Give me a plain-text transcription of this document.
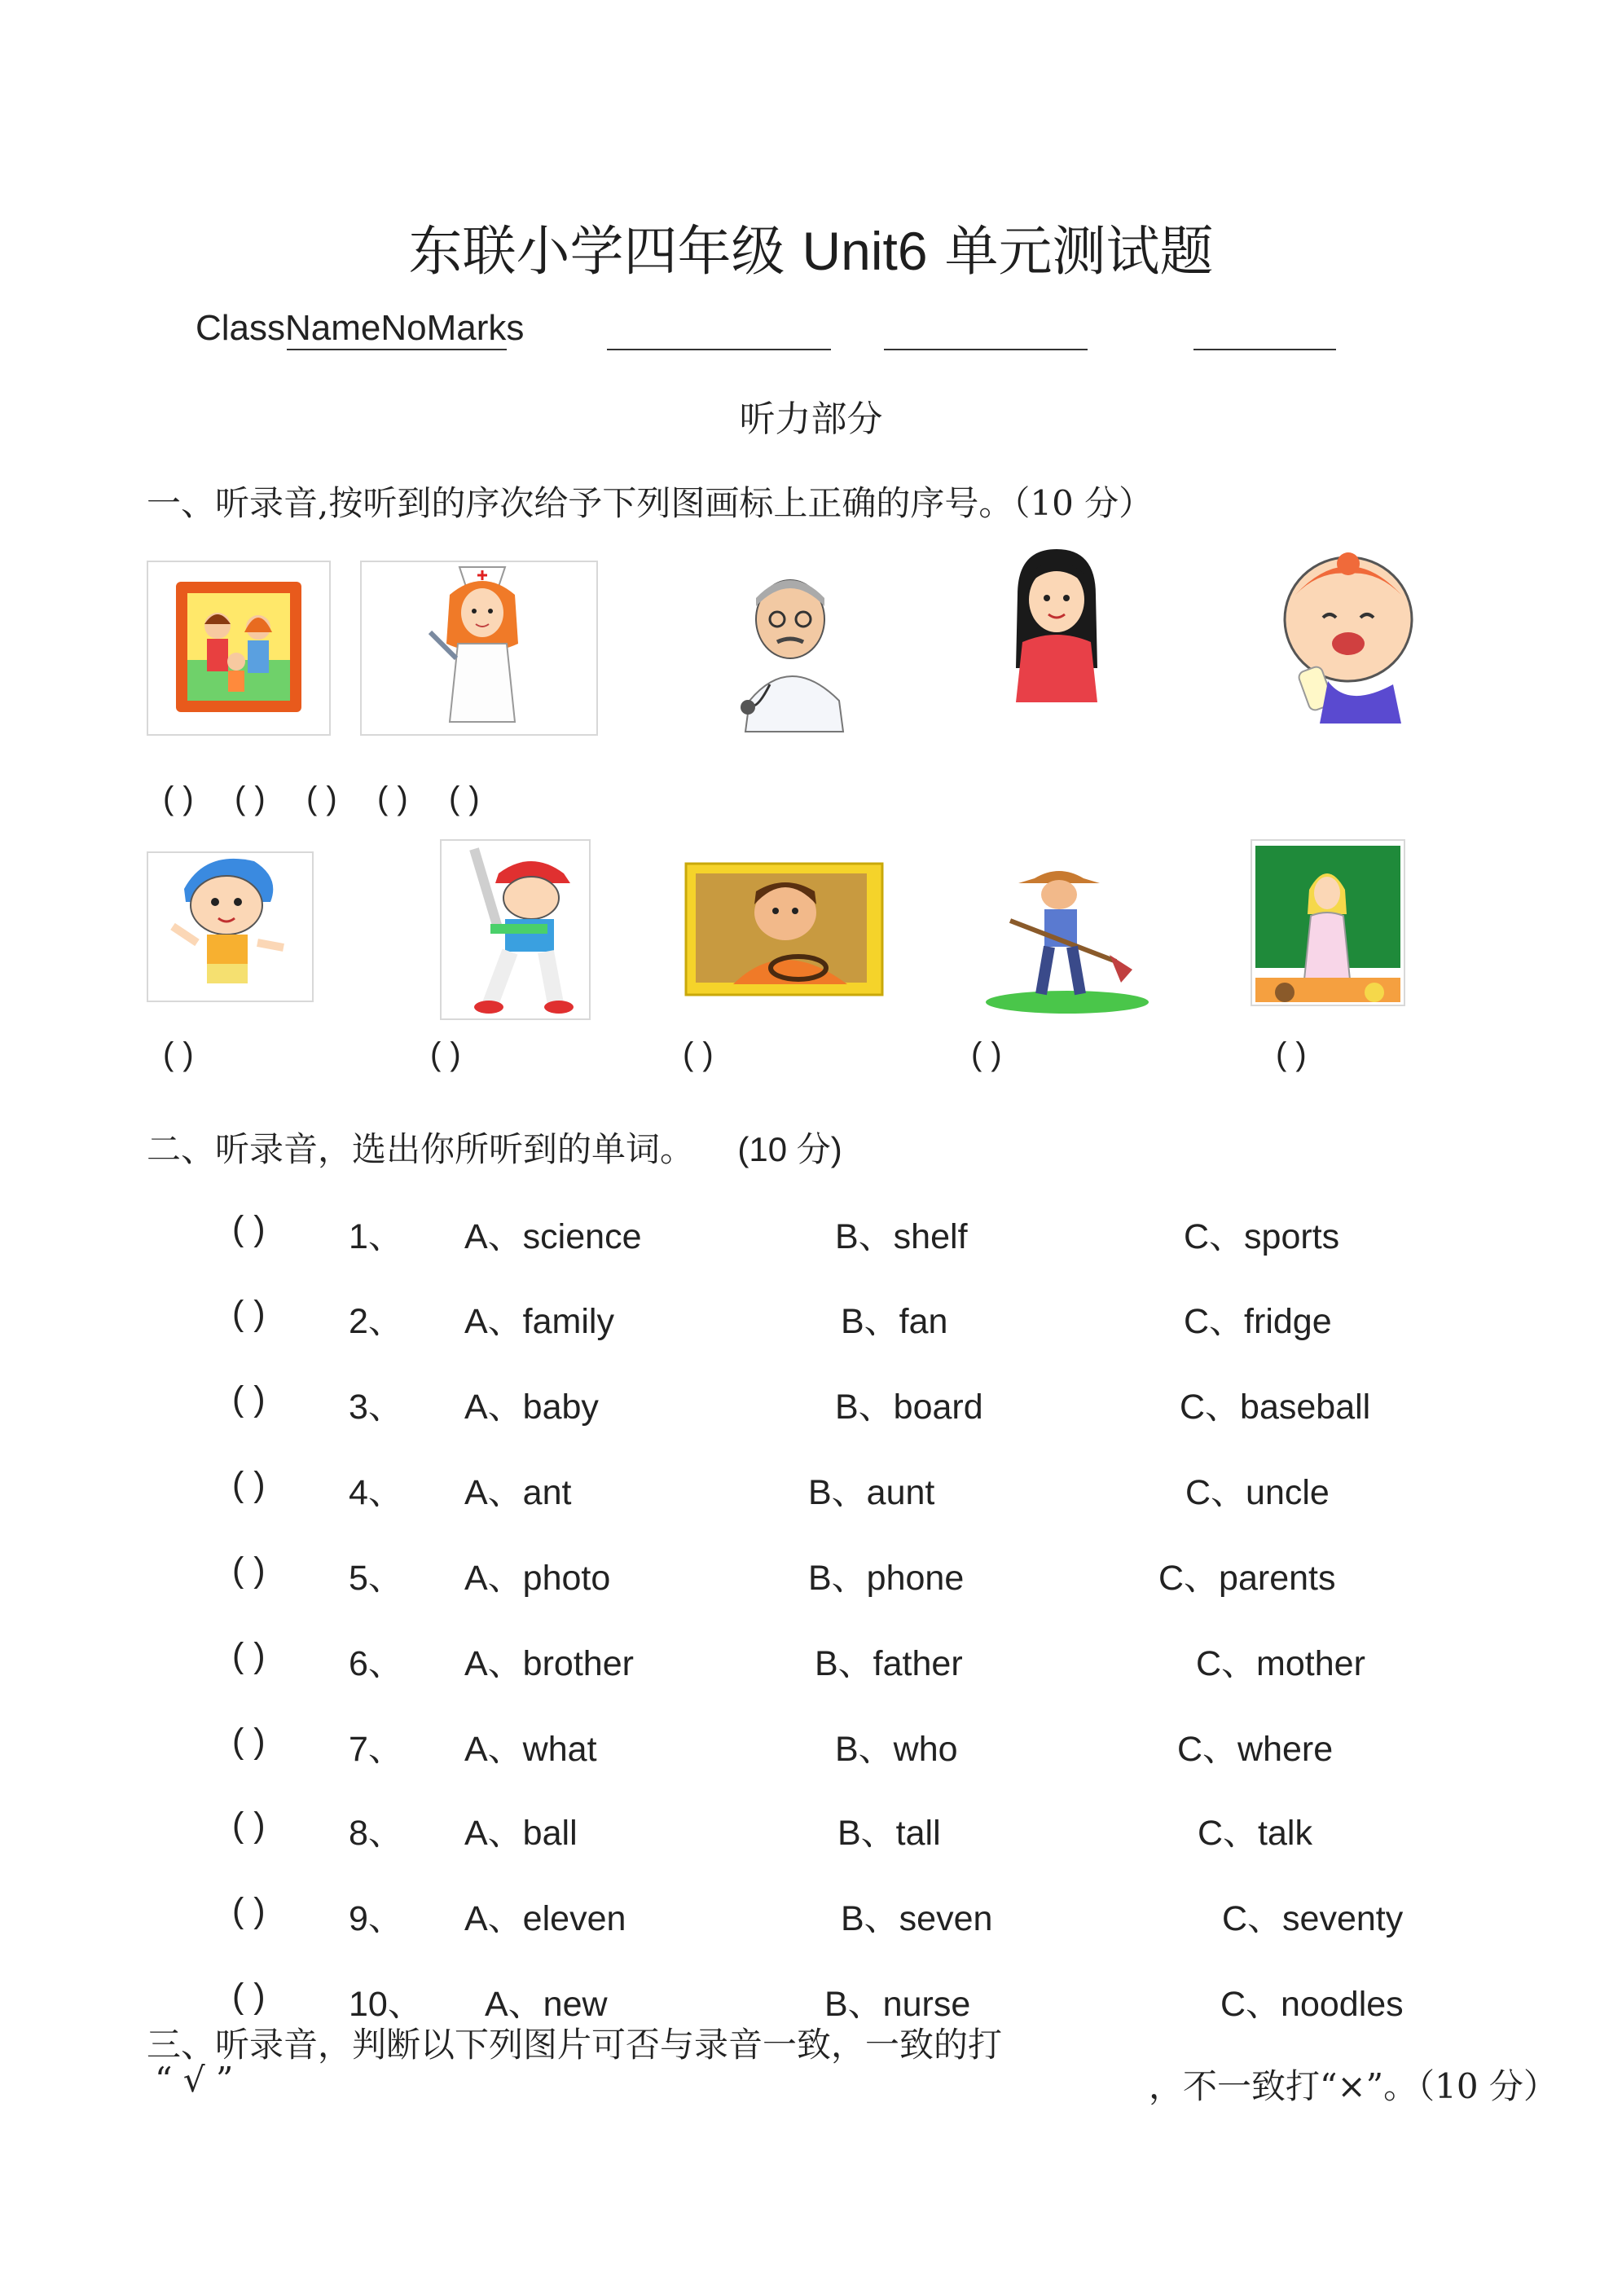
东联小学四年级 Unit6 单元测试题
ClassNameNoMarks
听力部分
一、听录音,按听到的序次给予下列图画标上正确的序号。（10 分）
( ) ( ) ( ) ( ) ( )
( )	( )	( )	( )	( )
二、听录音，选出你所听到的单词。 (10 分)
( ) 1、 A、science	B、shelf	C、sports
( ) 2、 A、family	B、fan	C、fridge
( ) 3、 A、baby	B、board	C、baseball
( ) 4、 A、ant	B、aunt	C、uncle
( ) 5、 A、photo	B、phone	C、parents
( ) 6、 A、brother	B、father	C、mother
( ) 7、 A、what	B、who	C、where
( ) 8、 A、ball	B、tall	C、talk
( ) 9、 A、eleven	B、seven	C、seventy
( ) 10、 A、new	B、nurse	C、noodles
三、听录音，判断以下列图片可否与录音一致，一致的打
“ √ ”	，不一致打“×”。（10 分）
